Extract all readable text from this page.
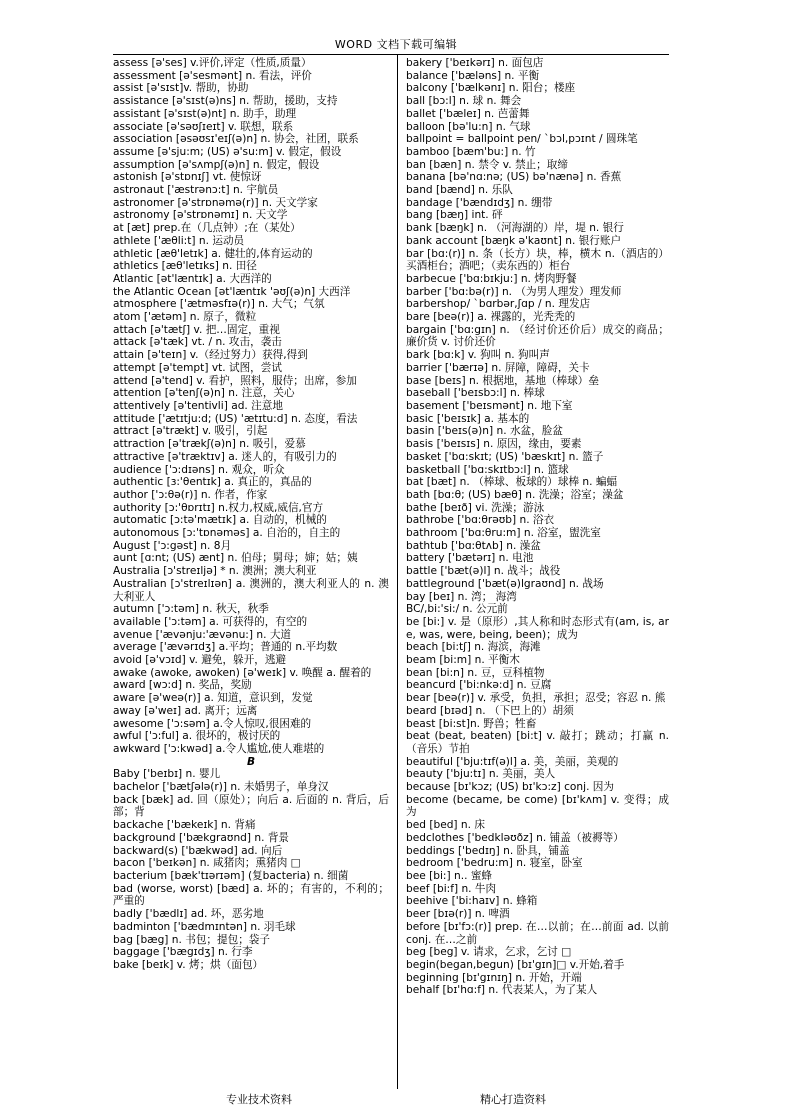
WORD 文档下载可编辑

assess [ə'ses] v.评价,评定（性质,质量）

assessment [ə'sesmənt] n. 看法，评价

assist [ə'sɪst]v. 帮助，协助

assistance [ə'sɪst(ə)ns] n. 帮助，援助，支持

assistant [ə'sɪst(ə)nt] n. 助手，助理

associate [ə'səʊʃɪeɪt] v. 联想，联系

association [əsəʊsɪ'eɪʃ(ə)n] n. 协会，社团，联系

assume [ə'sju:m; (US) ə'su:m] v. 假定，假设

assumption [ə'sʌmpʃ(ə)n] n. 假定，假设

astonish [ə'stɒnɪʃ] vt. 使惊讶

astronaut ['æstrənɔ:t] n. 宇航员

astronomer [ə'strɒnəmə(r)] n. 天文学家

astronomy [ə'strɒnəmɪ] n. 天文学

at [æt] prep.在（几点钟）;在（某处）

athlete ['æθli:t] n. 运动员

athletic [æθ'letɪk] a. 健壮的,体育运动的

athletics [æθ'letɪks] n. 田径

Atlantic [ət'læntɪk] a. 大西洋的

the Atlantic Ocean [ət'læntɪk 'əʊʃ(ə)n] 大西洋

atmosphere ['ætməsfɪə(r)] n. 大气；气氛

atom ['ætəm] n. 原子，微粒

attach [ə'tætʃ] v. 把…固定，重视

attack [ə'tæk] vt. / n. 攻击，袭击

attain [ə'teɪn] v.（经过努力）获得,得到

attempt [ə'tempt] vt. 试图，尝试

attend [ə'tend] v. 看护，照料，服侍；出席，参加

attention [ə'tenʃ(ə)n] n. 注意，关心

attentively [ə'tentivli] ad. 注意地

attitude ['ætɪtju:d; (US) 'ætɪtu:d] n. 态度，看法

attract [ə'trækt] v. 吸引，引起

attraction [ə'trækʃ(ə)n] n. 吸引，爱慕

attractive [ə'træktɪv] a. 迷人的，有吸引力的

audience ['ɔ:dɪəns] n. 观众，听众

authentic [ɜ:'θentɪk] a. 真正的，真品的

author ['ɔ:θə(r)] n. 作者，作家

authority [ɔ:'θɒrɪtɪ] n.权力,权威,威信,官方

automatic [ɔ:tə'mætɪk] a. 自动的，机械的

autonomous [ɔ:'tɒnəməs] a. 自治的，自主的

August ['ɔ:gəst] n. 8月

aunt [ɑ:nt; (US) ænt] n. 伯母；舅母；婶；姑；姨

Australia [ɔ'streɪljə] * n. 澳洲；澳大利亚

Australian [ɔ'streɪlɪən] a. 澳洲的，澳大利亚人的 n. 澳大利亚人

autumn ['ɔ:təm] n. 秋天，秋季

available ['ɔ:təm] a. 可获得的，有空的

avenue ['ævənju:'ævənu:] n. 大道

average ['ævərɪdʒ] a.平均；普通的 n.平均数

avoid [ə'vɔɪd] v. 避免，躲开，逃避

awake (awoke, awoken) [ə'weɪk] v. 唤醒 a. 醒着的

award [wɔ:d] n. 奖品，奖励

aware [ə'weə(r)] a. 知道，意识到，发觉

away [ə'weɪ] ad. 离开；远离

awesome ['ɔ:səm] a.令人惊叹,很困难的

awful ['ɔ:ful] a. 很坏的，极讨厌的

awkward ['ɔ:kwəd] a.令人尴尬,使人难堪的

B

Baby ['beɪbɪ] n. 婴儿

bachelor ['bætʃələ(r)] n. 未婚男子，单身汉

back [bæk] ad. 回（原处）；向后 a. 后面的 n. 背后，后部；背

backache ['bækeɪk] n. 背痛

background ['bækgraʊnd] n. 背景

backward(s) ['bækwəd] ad. 向后

bacon ['beɪkən] n. 咸猪肉；熏猪肉 □

bacterium [bæk'tɪərɪəm] (复bacteria) n. 细菌

bad (worse, worst) [bæd] a. 坏的；有害的，不利的；严重的

badly ['bædlɪ] ad. 坏，恶劣地

badminton ['bædmɪntən] n. 羽毛球

bag [bæg] n. 书包；提包；袋子

baggage ['bægɪdʒ] n. 行李

bake [beɪk] v. 烤；烘（面包）

bakery ['beɪkərɪ] n. 面包店

balance ['bæləns] n. 平衡

balcony ['bælkənɪ] n. 阳台；楼座

ball [bɔ:l] n. 球 n. 舞会

ballet ['bæleɪ] n. 芭蕾舞

balloon [bə'lu:n] n. 气球

ballpoint = ballpoint pen/ `bɔl,pɔɪnt / 圆珠笔

bamboo [bæm'bu:] n. 竹

ban [bæn] n. 禁令 v. 禁止；取缔

banana [bə'nɑ:nə; (US) bə'nænə] n. 香蕉

band [bænd] n. 乐队

bandage ['bændɪdʒ] n. 绷带

bang [bæŋ] int. 砰

bank [bæŋk] n. （河海湖的）岸，堤 n. 银行

bank account [bæŋk ə'kaʊnt] n. 银行账户

bar [bɑ:(r)] n. 条（长方）块，棒，横木 n.（酒店的）买酒柜台；酒吧；（卖东西的）柜台

barbecue ['bɑ:bɪkju:] n. 烤肉野餐

barber ['bɑ:bə(r)] n. （为男人理发）理发师

barbershop/ `bɑrbər,ʃɑp / n. 理发店

bare [beə(r)] a. 裸露的，光秃秃的

bargain ['bɑ:gɪn] n. （经讨价还价后）成交的商品；廉价货 v. 讨价还价

bark [bɑ:k] v. 狗叫 n. 狗叫声

barrier ['bærɪə] n. 屏障，障碍，关卡

base [beɪs] n. 根据地，基地（棒球）垒

baseball ['beɪsbɔ:l] n. 棒球

basement ['beɪsmənt] n. 地下室

basic ['beɪsɪk] a. 基本的

basin ['beɪs(ə)n] n. 水盆，脸盆

basis ['beɪsɪs] n. 原因，缘由，要素

basket ['bɑ:skɪt; (US) 'bæskɪt] n. 篮子

basketball ['bɑ:skɪtbɔ:l] n. 篮球

bat [bæt] n. （棒球、板球的）球棒 n. 蝙蝠

bath [bɑ:θ; (US) bæθ] n. 洗澡；浴室；澡盆

bathe [beɪð] vi. 洗澡；游泳

bathrobe ['bɑ:θrəʊb] n. 浴衣

bathroom ['bɑ:θru:m] n. 浴室，盥洗室

bathtub ['bɑ:θtʌb] n. 澡盆

battery ['bætərɪ] n. 电池

battle ['bæt(ə)l] n. 战斗；战役

battleground ['bæt(ə)lgraʊnd] n. 战场

bay [beɪ] n. 湾； 海湾

BC/,bi:'si:/ n. 公元前

be [bi:] v. 是（原形）,其人称和时态形式有(am, is, are, was, were, being, been)；成为

beach [bi:tʃ] n. 海滨，海滩

beam [bi:m] n. 平衡木

bean [bi:n] n. 豆，豆科植物

beancurd ['bi:nkə:d] n. 豆腐

bear [beə(r)] v. 承受，负担，承担；忍受；容忍 n. 熊

beard [bɪəd] n. （下巴上的）胡须

beast [bi:st]n. 野兽；牲畜

beat (beat, beaten) [bi:t] v. 敲打；跳动；打赢 n. （音乐）节拍

beautiful ['bju:tɪf(ə)l] a. 美，美丽，美观的

beauty ['bju:tɪ] n. 美丽，美人

because [bɪ'kɔz; (US) bɪ'kɔ:z] conj. 因为

become (became, be come) [bɪ'kʌm] v. 变得；成为

bed [bed] n. 床

bedclothes ['bedkləʊðz] n. 铺盖（被褥等）

beddings ['bedɪŋ] n. 卧具，铺盖

bedroom ['bedru:m] n. 寝室，卧室

bee [bi:] n.. 蜜蜂

beef [bi:f] n. 牛肉

beehive ['bi:haɪv] n. 蜂箱

beer [bɪə(r)] n. 啤酒

before [bɪ'fɔ:(r)] prep. 在…以前；在…前面 ad. 以前 conj. 在…之前

beg [beg] v. 请求，乞求，乞讨 □

begin(began,begun) [bɪ'gɪn]□ v.开始,着手

beginning [bɪ'gɪnɪŋ] n. 开始，开端

behalf [bɪ'hɑ:f] n. 代表某人，为了某人

专业技术资料	精心打造资料
